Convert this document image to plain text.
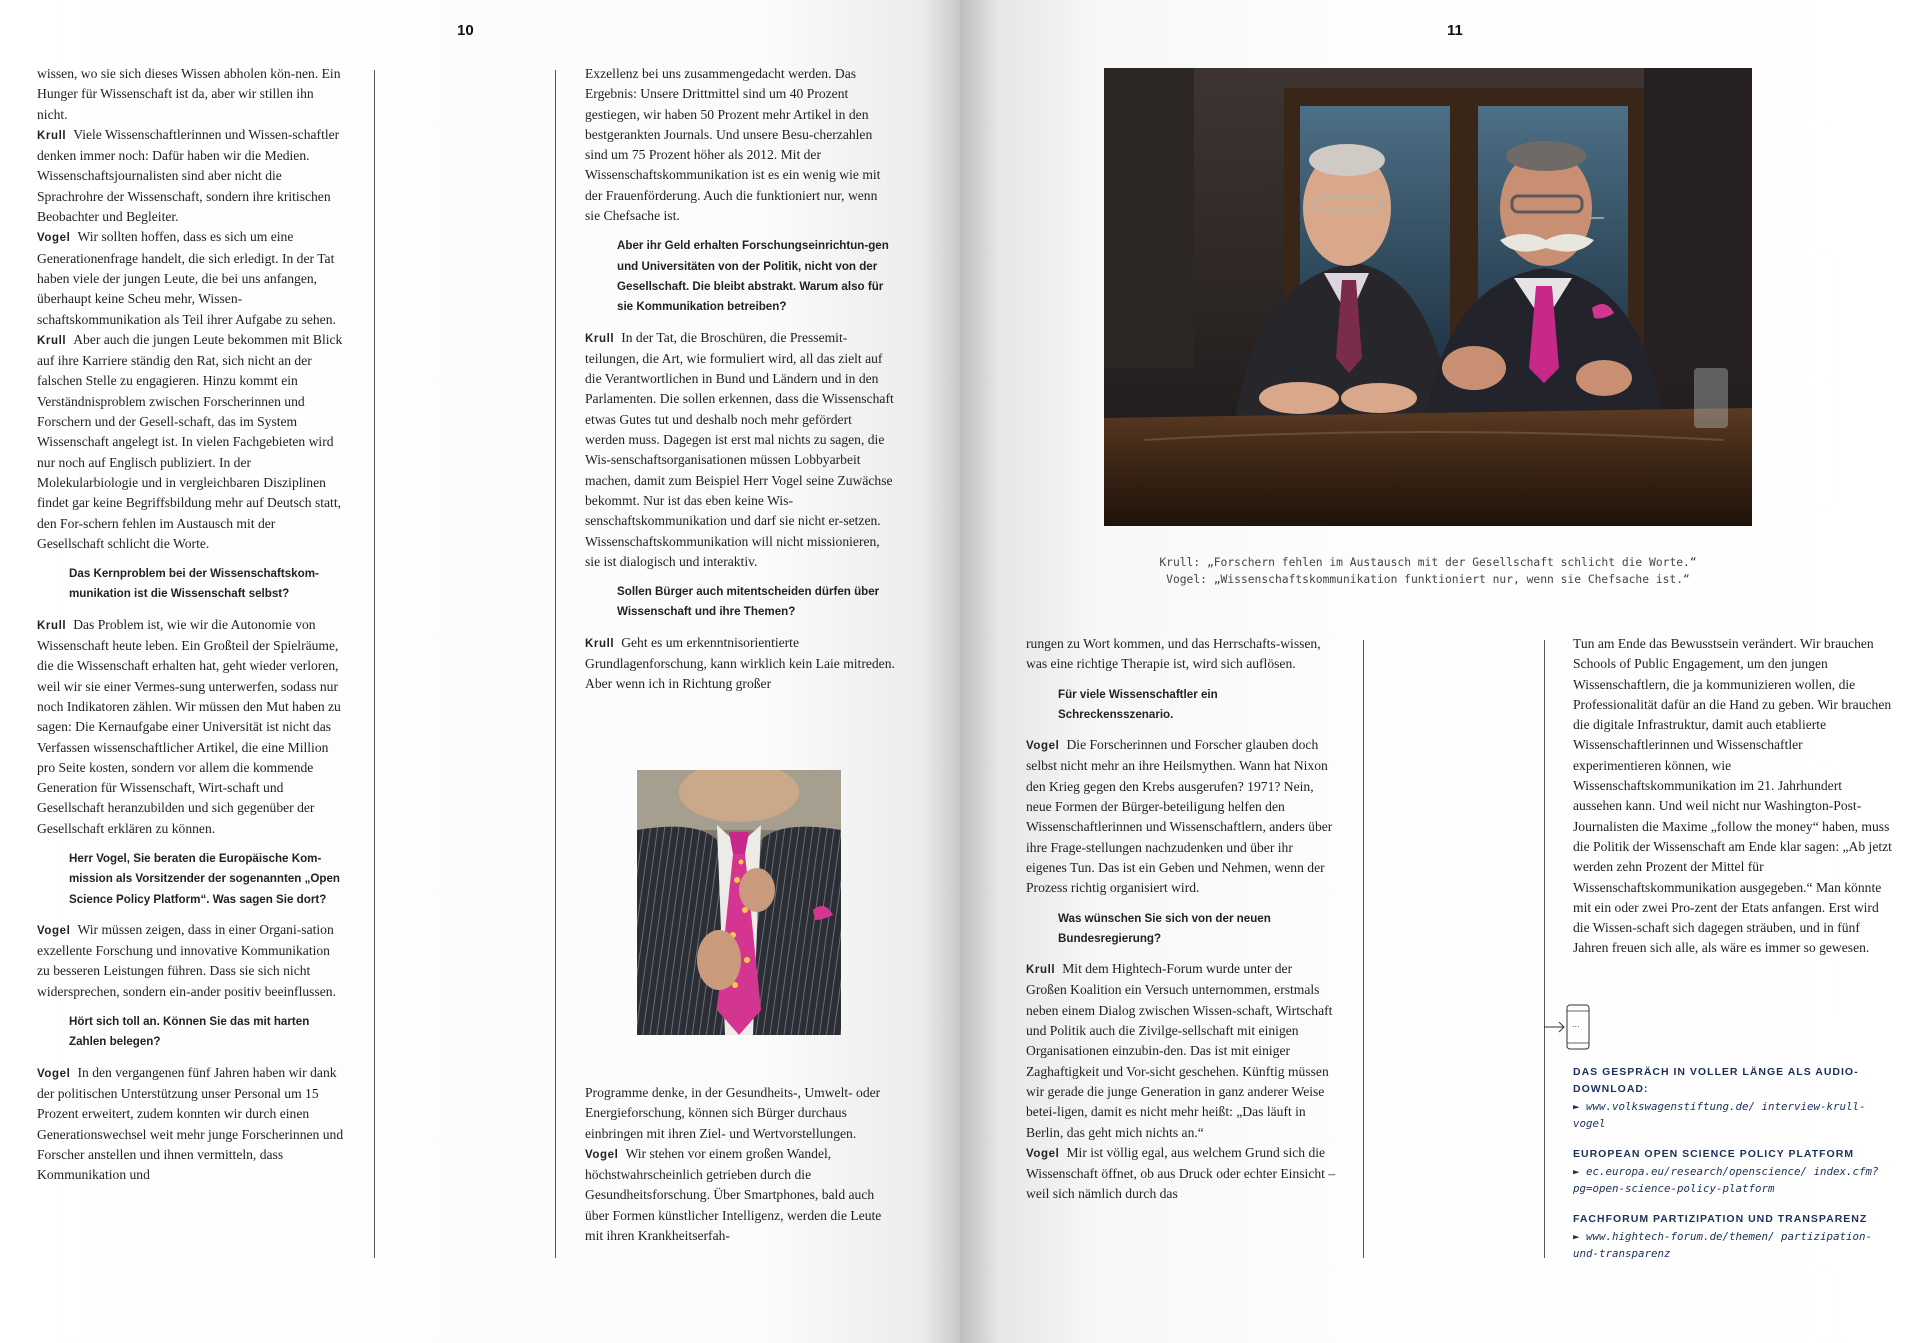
10

wissen, wo sie sich dieses Wissen abholen kön-nen. Ein Hunger für Wissenschaft ist da, aber wir stillen ihn nicht.

Krull Viele Wissenschaftlerinnen und Wissen-schaftler denken immer noch: Dafür haben wir die Medien. Wissenschaftsjournalisten sind aber nicht die Sprachrohre der Wissenschaft, sondern ihre kritischen Beobachter und Begleiter.

Vogel Wir sollten hoffen, dass es sich um eine Generationenfrage handelt, die sich erledigt. In der Tat haben viele der jungen Leute, die bei uns anfangen, überhaupt keine Scheu mehr, Wissen-schaftskommunikation als Teil ihrer Aufgabe zu sehen.

Krull Aber auch die jungen Leute bekommen mit Blick auf ihre Karriere ständig den Rat, sich nicht an der falschen Stelle zu engagieren. Hinzu kommt ein Verständnisproblem zwischen Forscherinnen und Forschern und der Gesell-schaft, das im System Wissenschaft angelegt ist. In vielen Fachgebieten wird nur noch auf Englisch publiziert. In der Molekularbiologie und in vergleichbaren Disziplinen findet gar keine Begriffsbildung mehr auf Deutsch statt, den For-schern fehlen im Austausch mit der Gesellschaft schlicht die Worte.

Das Kernproblem bei der Wissenschaftskom-munikation ist die Wissenschaft selbst?

Krull Das Problem ist, wie wir die Autonomie von Wissenschaft heute leben. Ein Großteil der Spielräume, die die Wissenschaft erhalten hat, geht wieder verloren, weil wir sie einer Vermes-sung unterwerfen, sodass nur noch Indikatoren zählen. Wir müssen den Mut haben zu sagen: Die Kernaufgabe einer Universität ist nicht das Verfassen wissenschaftlicher Artikel, die eine Million pro Seite kosten, sondern vor allem die kommende Generation für Wissenschaft, Wirt-schaft und Gesellschaft heranzubilden und sich gegenüber der Gesellschaft erklären zu können.

Herr Vogel, Sie beraten die Europäische Kom-mission als Vorsitzender der sogenannten „Open Science Policy Platform“. Was sagen Sie dort?

Vogel Wir müssen zeigen, dass in einer Organi-sation exzellente Forschung und innovative Kommunikation zu besseren Leistungen führen. Dass sie sich nicht widersprechen, sondern ein-ander positiv beeinflussen.

Hört sich toll an. Können Sie das mit harten Zahlen belegen?

Vogel In den vergangenen fünf Jahren haben wir dank der politischen Unterstützung unser Personal um 15 Prozent erweitert, zudem konnten wir durch einen Generationswechsel weit mehr junge Forscherinnen und Forscher anstellen und ihnen vermitteln, dass Kommunikation und

Exzellenz bei uns zusammengedacht werden. Das Ergebnis: Unsere Drittmittel sind um 40 Prozent gestiegen, wir haben 50 Prozent mehr Artikel in den bestgerankten Journals. Und unsere Besu-cherzahlen sind um 75 Prozent höher als 2012. Mit der Wissenschaftskommunikation ist es ein wenig wie mit der Frauenförderung. Auch die funktioniert nur, wenn sie Chefsache ist.

Aber ihr Geld erhalten Forschungseinrichtun-gen und Universitäten von der Politik, nicht von der Gesellschaft. Die bleibt abstrakt. Warum also für sie Kommunikation betreiben?

Krull In der Tat, die Broschüren, die Pressemit-teilungen, die Art, wie formuliert wird, all das zielt auf die Verantwortlichen in Bund und Ländern und in den Parlamenten. Die sollen erkennen, dass die Wissenschaft etwas Gutes tut und deshalb noch mehr gefördert werden muss. Dagegen ist erst mal nichts zu sagen, die Wis-senschaftsorganisationen müssen Lobbyarbeit machen, damit zum Beispiel Herr Vogel seine Zuwächse bekommt. Nur ist das eben keine Wis-senschaftskommunikation und darf sie nicht er-setzen. Wissenschaftskommunikation will nicht missionieren, sie ist dialogisch und interaktiv.

Sollen Bürger auch mitentscheiden dürfen über Wissenschaft und ihre Themen?

Krull Geht es um erkenntnisorientierte Grundlagenforschung, kann wirklich kein Laie mitreden. Aber wenn ich in Richtung großer

Programme denke, in der Gesundheits-, Umwelt- oder Energieforschung, können sich Bürger durchaus einbringen mit ihren Ziel- und Wertvorstellungen.

Vogel Wir stehen vor einem großen Wandel, höchstwahrscheinlich getrieben durch die Gesundheitsforschung. Über Smartphones, bald auch über Formen künstlicher Intelligenz, werden die Leute mit ihren Krankheitserfah-

11
Krull: „Forschern fehlen im Austausch mit der Gesellschaft schlicht die Worte.“
Vogel: „Wissenschaftskommunikation funktioniert nur, wenn sie Chefsache ist.“

rungen zu Wort kommen, und das Herrschafts-wissen, was eine richtige Therapie ist, wird sich auflösen.

Für viele Wissenschaftler ein Schreckensszenario.

Vogel Die Forscherinnen und Forscher glauben doch selbst nicht mehr an ihre Heilsmythen. Wann hat Nixon den Krieg gegen den Krebs ausgerufen? 1971? Nein, neue Formen der Bürger-beteiligung helfen den Wissenschaftlerinnen und Wissenschaftlern, anders über ihre Frage-stellungen nachzudenken und über ihr eigenes Tun. Das ist ein Geben und Nehmen, wenn der Prozess richtig organisiert wird.

Was wünschen Sie sich von der neuen Bundesregierung?

Krull Mit dem Hightech-Forum wurde unter der Großen Koalition ein Versuch unternommen, erstmals neben einem Dialog zwischen Wissen-schaft, Wirtschaft und Politik auch die Zivilge-sellschaft mit einigen Organisationen einzubin-den. Das ist mit einiger Zaghaftigkeit und Vor-sicht geschehen. Künftig müssen wir gerade die junge Generation in ganz anderer Weise betei-ligen, damit es nicht mehr heißt: „Das läuft in Berlin, das geht mich nichts an.“

Vogel Mir ist völlig egal, aus welchem Grund sich die Wissenschaft öffnet, ob aus Druck oder echter Einsicht – weil sich nämlich durch das

Tun am Ende das Bewusstsein verändert. Wir brauchen Schools of Public Engagement, um den jungen Wissenschaftlern, die ja kommunizieren wollen, die Professionalität dafür an die Hand zu geben. Wir brauchen die digitale Infrastruktur, damit auch etablierte Wissenschaftlerinnen und Wissenschaftler experimentieren können, wie Wissenschaftskommunikation im 21. Jahrhundert aussehen kann. Und weil nicht nur Washington-Post-Journalisten die Maxime „follow the money“ haben, muss die Politik der Wissenschaft am Ende klar sagen: „Ab jetzt werden zehn Prozent der Mittel für Wissenschaftskommunikation ausgegeben.“ Man könnte mit ein oder zwei Pro-zent der Etats anfangen. Erst wird die Wissen-schaft sich dagegen sträuben, und in fünf Jahren freuen sich alle, als wäre es immer so gewesen.

...
DAS GESPRÄCH IN VOLLER LÄNGE ALS AUDIO-DOWNLOAD:
► www.volkswagenstiftung.de/ interview-krull-vogel
EUROPEAN OPEN SCIENCE POLICY PLATFORM
► ec.europa.eu/research/openscience/ index.cfm?pg=open-science-policy-platform
FACHFORUM PARTIZIPATION UND TRANSPARENZ
► www.hightech-forum.de/themen/ partizipation-und-transparenz
